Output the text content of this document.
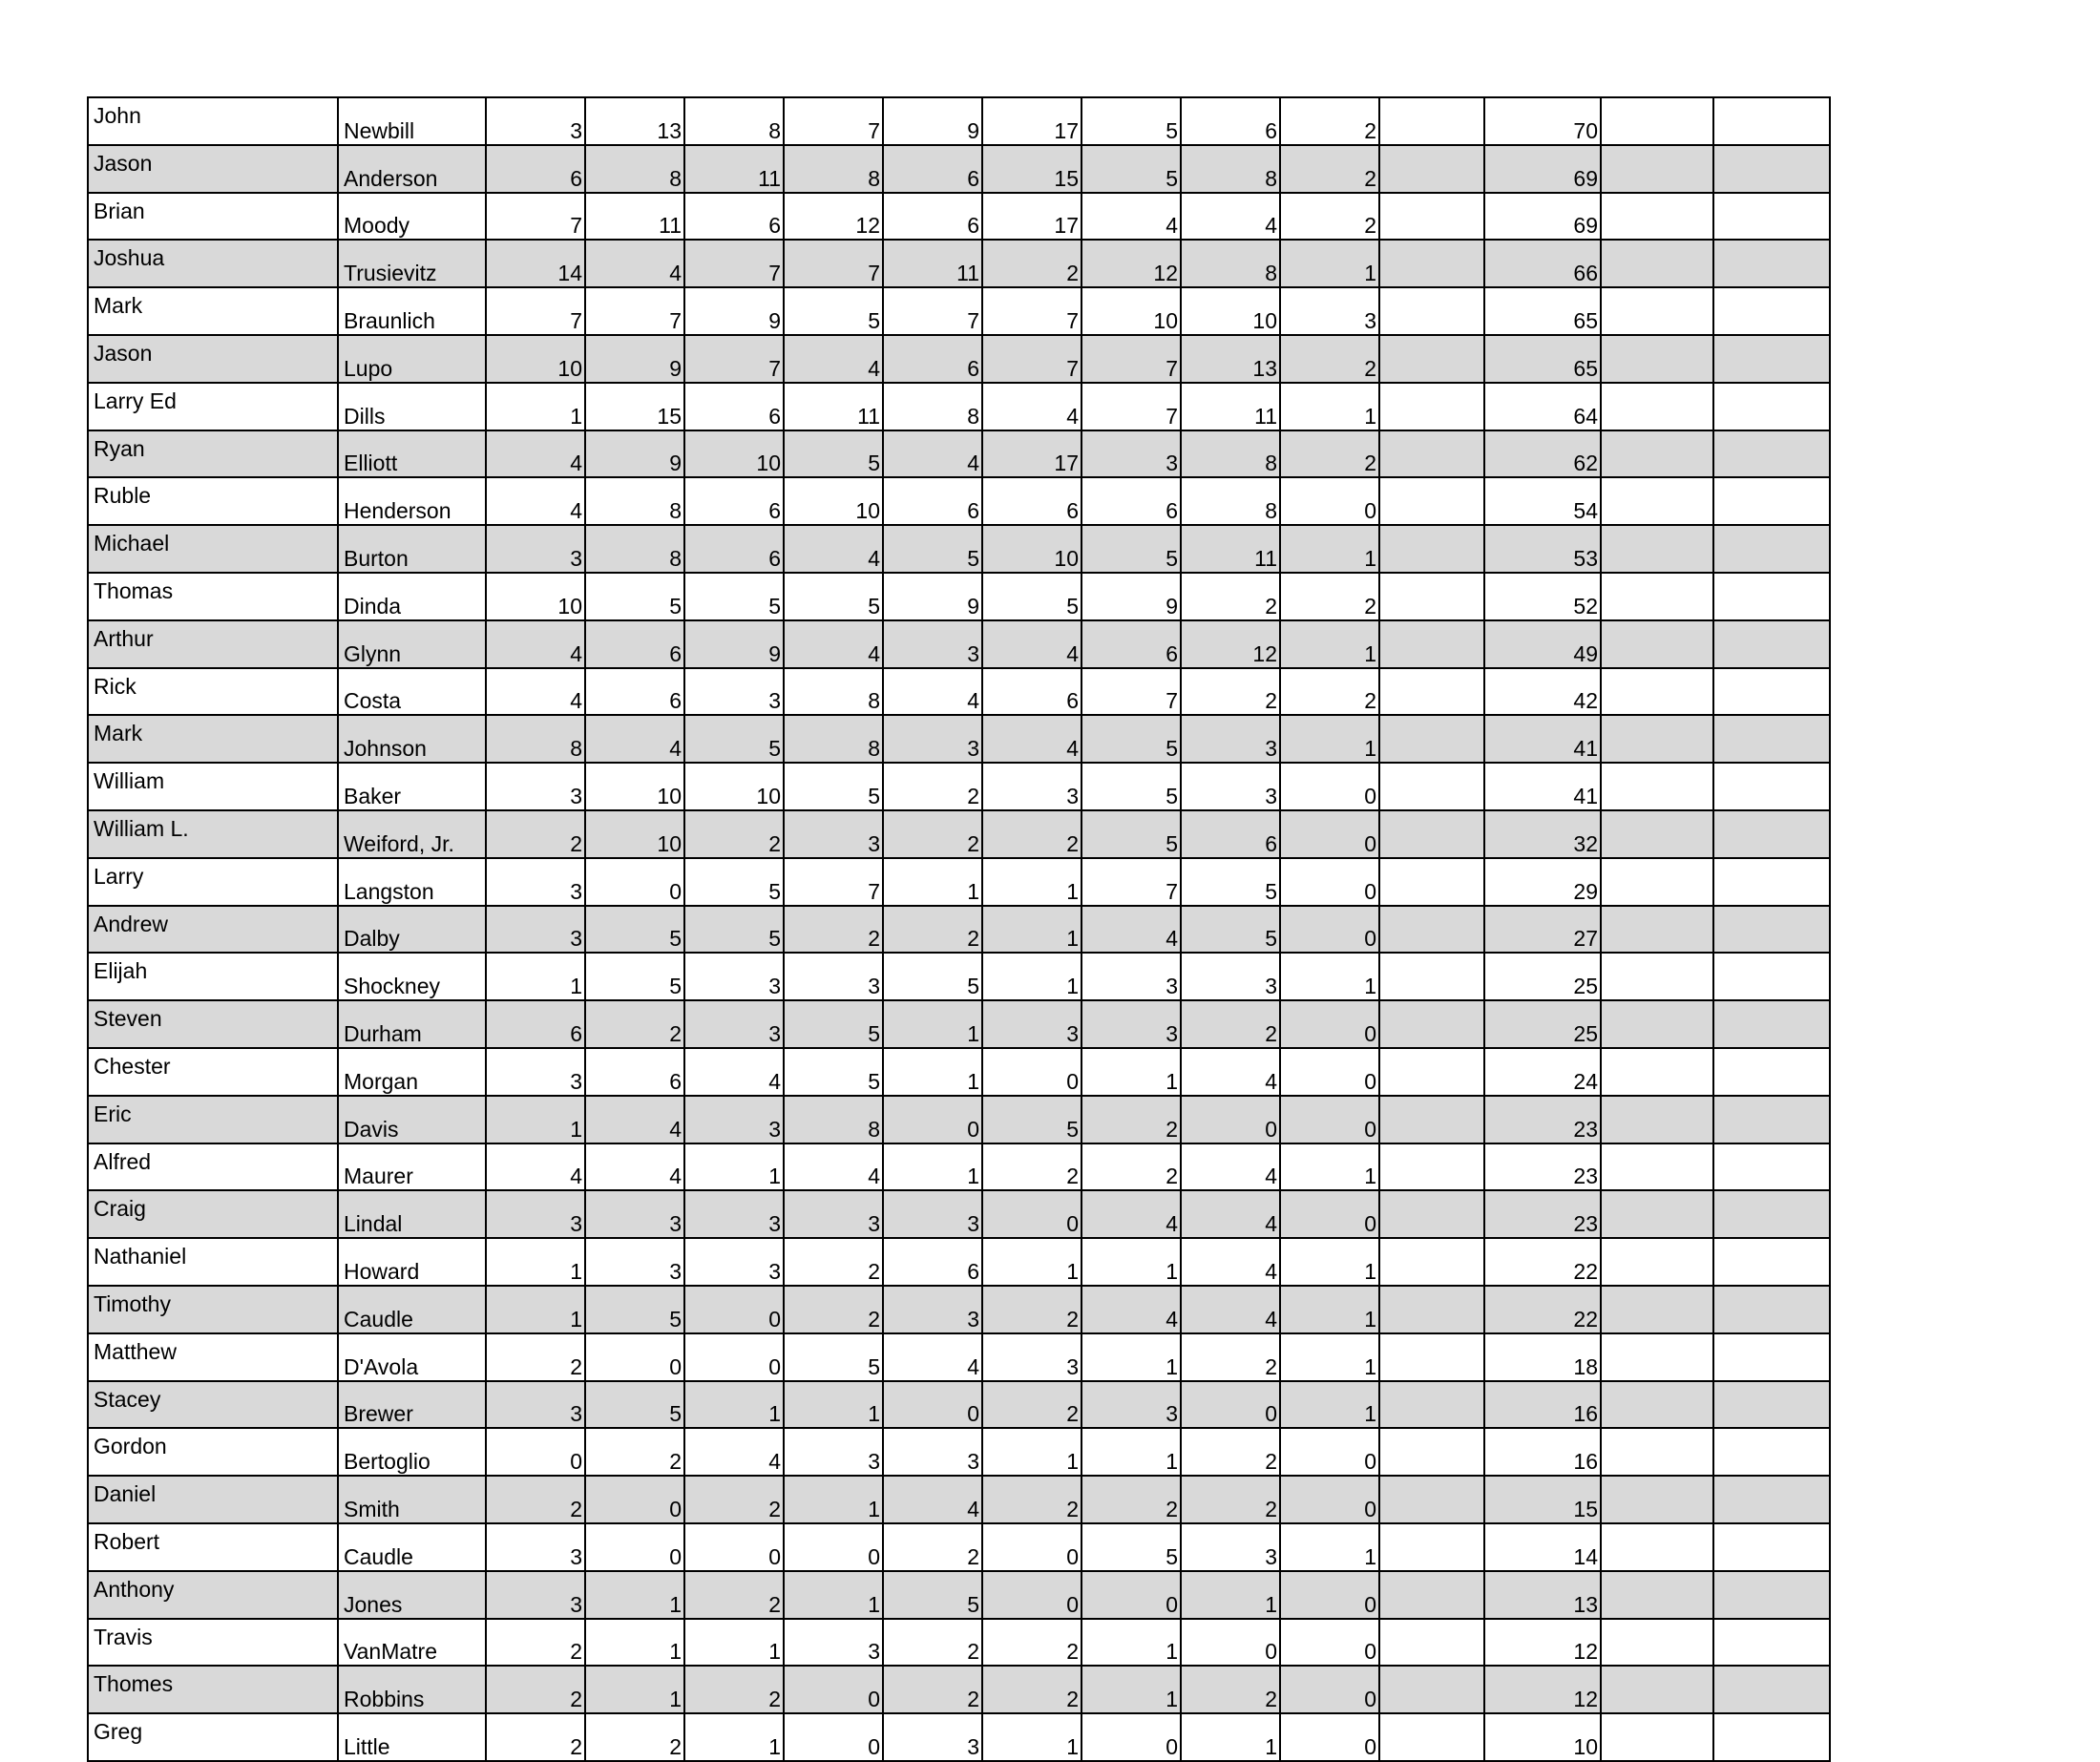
John	Newbill	3	13	8	7	9	17	5	6	2		70		
Jason	Anderson	6	8	11	8	6	15	5	8	2		69		
Brian	Moody	7	11	6	12	6	17	4	4	2		69		
Joshua	Trusievitz	14	4	7	7	11	2	12	8	1		66		
Mark	Braunlich	7	7	9	5	7	7	10	10	3		65		
Jason	Lupo	10	9	7	4	6	7	7	13	2		65		
Larry Ed	Dills	1	15	6	11	8	4	7	11	1		64		
Ryan	Elliott	4	9	10	5	4	17	3	8	2		62		
Ruble	Henderson	4	8	6	10	6	6	6	8	0		54		
Michael	Burton	3	8	6	4	5	10	5	11	1		53		
Thomas	Dinda	10	5	5	5	9	5	9	2	2		52		
Arthur	Glynn	4	6	9	4	3	4	6	12	1		49		
Rick	Costa	4	6	3	8	4	6	7	2	2		42		
Mark	Johnson	8	4	5	8	3	4	5	3	1		41		
William	Baker	3	10	10	5	2	3	5	3	0		41		
William L.	Weiford, Jr.	2	10	2	3	2	2	5	6	0		32		
Larry	Langston	3	0	5	7	1	1	7	5	0		29		
Andrew	Dalby	3	5	5	2	2	1	4	5	0		27		
Elijah	Shockney	1	5	3	3	5	1	3	3	1		25		
Steven	Durham	6	2	3	5	1	3	3	2	0		25		
Chester	Morgan	3	6	4	5	1	0	1	4	0		24		
Eric	Davis	1	4	3	8	0	5	2	0	0		23		
Alfred	Maurer	4	4	1	4	1	2	2	4	1		23		
Craig	Lindal	3	3	3	3	3	0	4	4	0		23		
Nathaniel	Howard	1	3	3	2	6	1	1	4	1		22		
Timothy	Caudle	1	5	0	2	3	2	4	4	1		22		
Matthew	D'Avola	2	0	0	5	4	3	1	2	1		18		
Stacey	Brewer	3	5	1	1	0	2	3	0	1		16		
Gordon	Bertoglio	0	2	4	3	3	1	1	2	0		16		
Daniel	Smith	2	0	2	1	4	2	2	2	0		15		
Robert	Caudle	3	0	0	0	2	0	5	3	1		14		
Anthony	Jones	3	1	2	1	5	0	0	1	0		13		
Travis	VanMatre	2	1	1	3	2	2	1	0	0		12		
Thomes	Robbins	2	1	2	0	2	2	1	2	0		12		
Greg	Little	2	2	1	0	3	1	0	1	0		10		
